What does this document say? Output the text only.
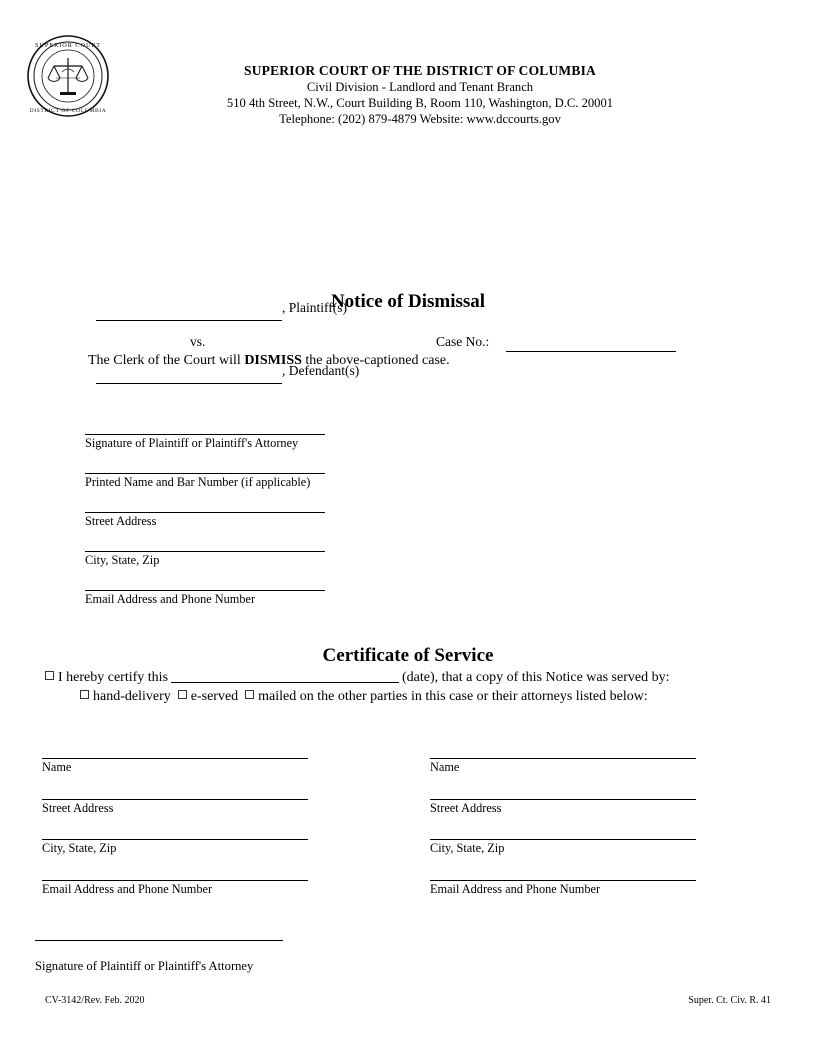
SUPERIOR COURT
DISTRICT OF COLUMBIA
SUPERIOR COURT OF THE DISTRICT OF COLUMBIA
Civil Division - Landlord and Tenant Branch
510 4th Street, N.W., Court Building B, Room 110, Washington, D.C. 20001
Telephone: (202) 879-4879 Website: www.dccourts.gov
, Plaintiff(s)
vs.	Case No.:
, Defendant(s)
Notice of Dismissal
The Clerk of the Court will DISMISS the above-captioned case.
Signature of Plaintiff or Plaintiff's Attorney
Printed Name and Bar Number (if applicable)
Street Address
City, State, Zip
Email Address and Phone Number
Certificate of Service
I hereby certify this	(date), that a copy of this Notice was served by:
hand-delivery e-served mailed on the other parties in this case or their attorneys listed below:
Name
Street Address
City, State, Zip
Email Address and Phone Number
Name
Street Address
City, State, Zip
Email Address and Phone Number
Signature of Plaintiff or Plaintiff's Attorney
CV-3142/Rev. Feb. 2020	Super. Ct. Civ. R. 41
